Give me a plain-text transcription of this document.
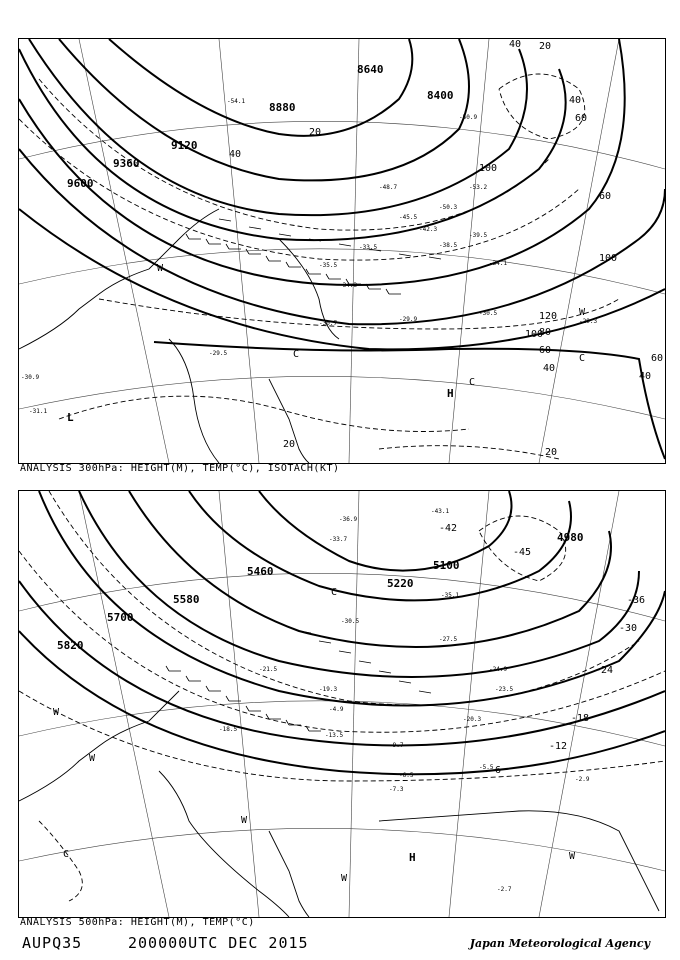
9600
9360
9120
8880
8640
8400
20
40
120
100
80
60
40
100
60
20
40
60
20
40
20
40
60
100
L
H
W
W
C
C
C
-35.5
-34.3
-34.1
-33.5
-45.5
-50.3
-53.2
-48.7
-42.3
-38.5
-29.9
-30.7
-29.5
-30.9
-31.1
-39.5
-50.9
-54.1
-30.5
-29.3
ANALYSIS 300hPa: HEIGHT(M), TEMP(°C), ISOTACH(KT)
5820
5700
5580
5460
5220
5100
4980
-42
-36
-30
-24
-18
-12
-6
-45
H
C
C
W
W
W
W
W
-6.5
-7.3
-5.5
-2.9
-2.7
-13.5
-20.3
-24.9
-23.5
-27.5
-30.5
-33.7
-35.1
-9.7
-4.9
-18.5
-19.3
-21.5
-36.9
-43.1
ANALYSIS 500hPa: HEIGHT(M), TEMP(°C)
AUPQ35	200000UTC DEC 2015	Japan Meteorological Agency
